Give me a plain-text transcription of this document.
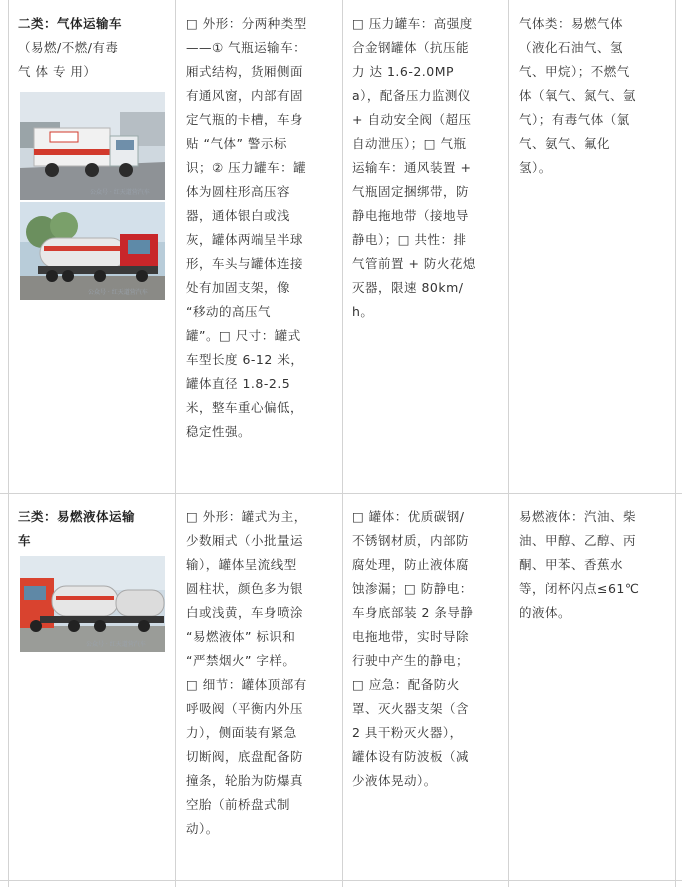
二类：气体运输车
（易燃/不燃/有毒
气 体 专 用）
公众号 · 红天道营汽车
公众号 · 红天道营汽车

□ 外形：分两种类型
——① 气瓶运输车：
厢式结构，货厢侧面
有通风窗，内部有固
定气瓶的卡槽，车身
贴 “气体” 警示标
识；② 压力罐车：罐
体为圆柱形高压容
器，通体银白或浅
灰，罐体两端呈半球
形，车头与罐体连接
处有加固支架，像
“移动的高压气
罐”。□ 尺寸：罐式
车型长度 6-12 米，
罐体直径 1.8-2.5
米，整车重心偏低，
稳定性强。

□ 压力罐车：高强度
合金钢罐体（抗压能
力 达 1.6-2.0MP
a），配备压力监测仪
+ 自动安全阀（超压
自动泄压）；□ 气瓶
运输车：通风装置 +
气瓶固定捆绑带，防
静电拖地带（接地导
静电）；□ 共性：排
气管前置 + 防火花熄
灭器，限速 80km/
h。

气体类：易燃气体
（液化石油气、氢
气、甲烷）；不燃气
体（氧气、氮气、氩
气）；有毒气体（氯
气、氨气、氟化
氢）。

三类：易燃液体运输
车
公众号 · 红天道营汽车

□ 外形：罐式为主，
少数厢式（小批量运
输），罐体呈流线型
圆柱状，颜色多为银
白或浅黄，车身喷涂
“易燃液体” 标识和
“严禁烟火” 字样。
□ 细节：罐体顶部有
呼吸阀（平衡内外压
力），侧面装有紧急
切断阀，底盘配备防
撞条，轮胎为防爆真
空胎（前桥盘式制
动）。

□ 罐体：优质碳钢/
不锈钢材质，内部防
腐处理，防止液体腐
蚀渗漏；□ 防静电：
车身底部装 2 条导静
电拖地带，实时导除
行驶中产生的静电；
□ 应急：配备防火
罩、灭火器支架（含
2 具干粉灭火器），
罐体设有防波板（减
少液体晃动）。

易燃液体：汽油、柴
油、甲醇、乙醇、丙
酮、甲苯、香蕉水
等，闭杯闪点≤61℃
的液体。
